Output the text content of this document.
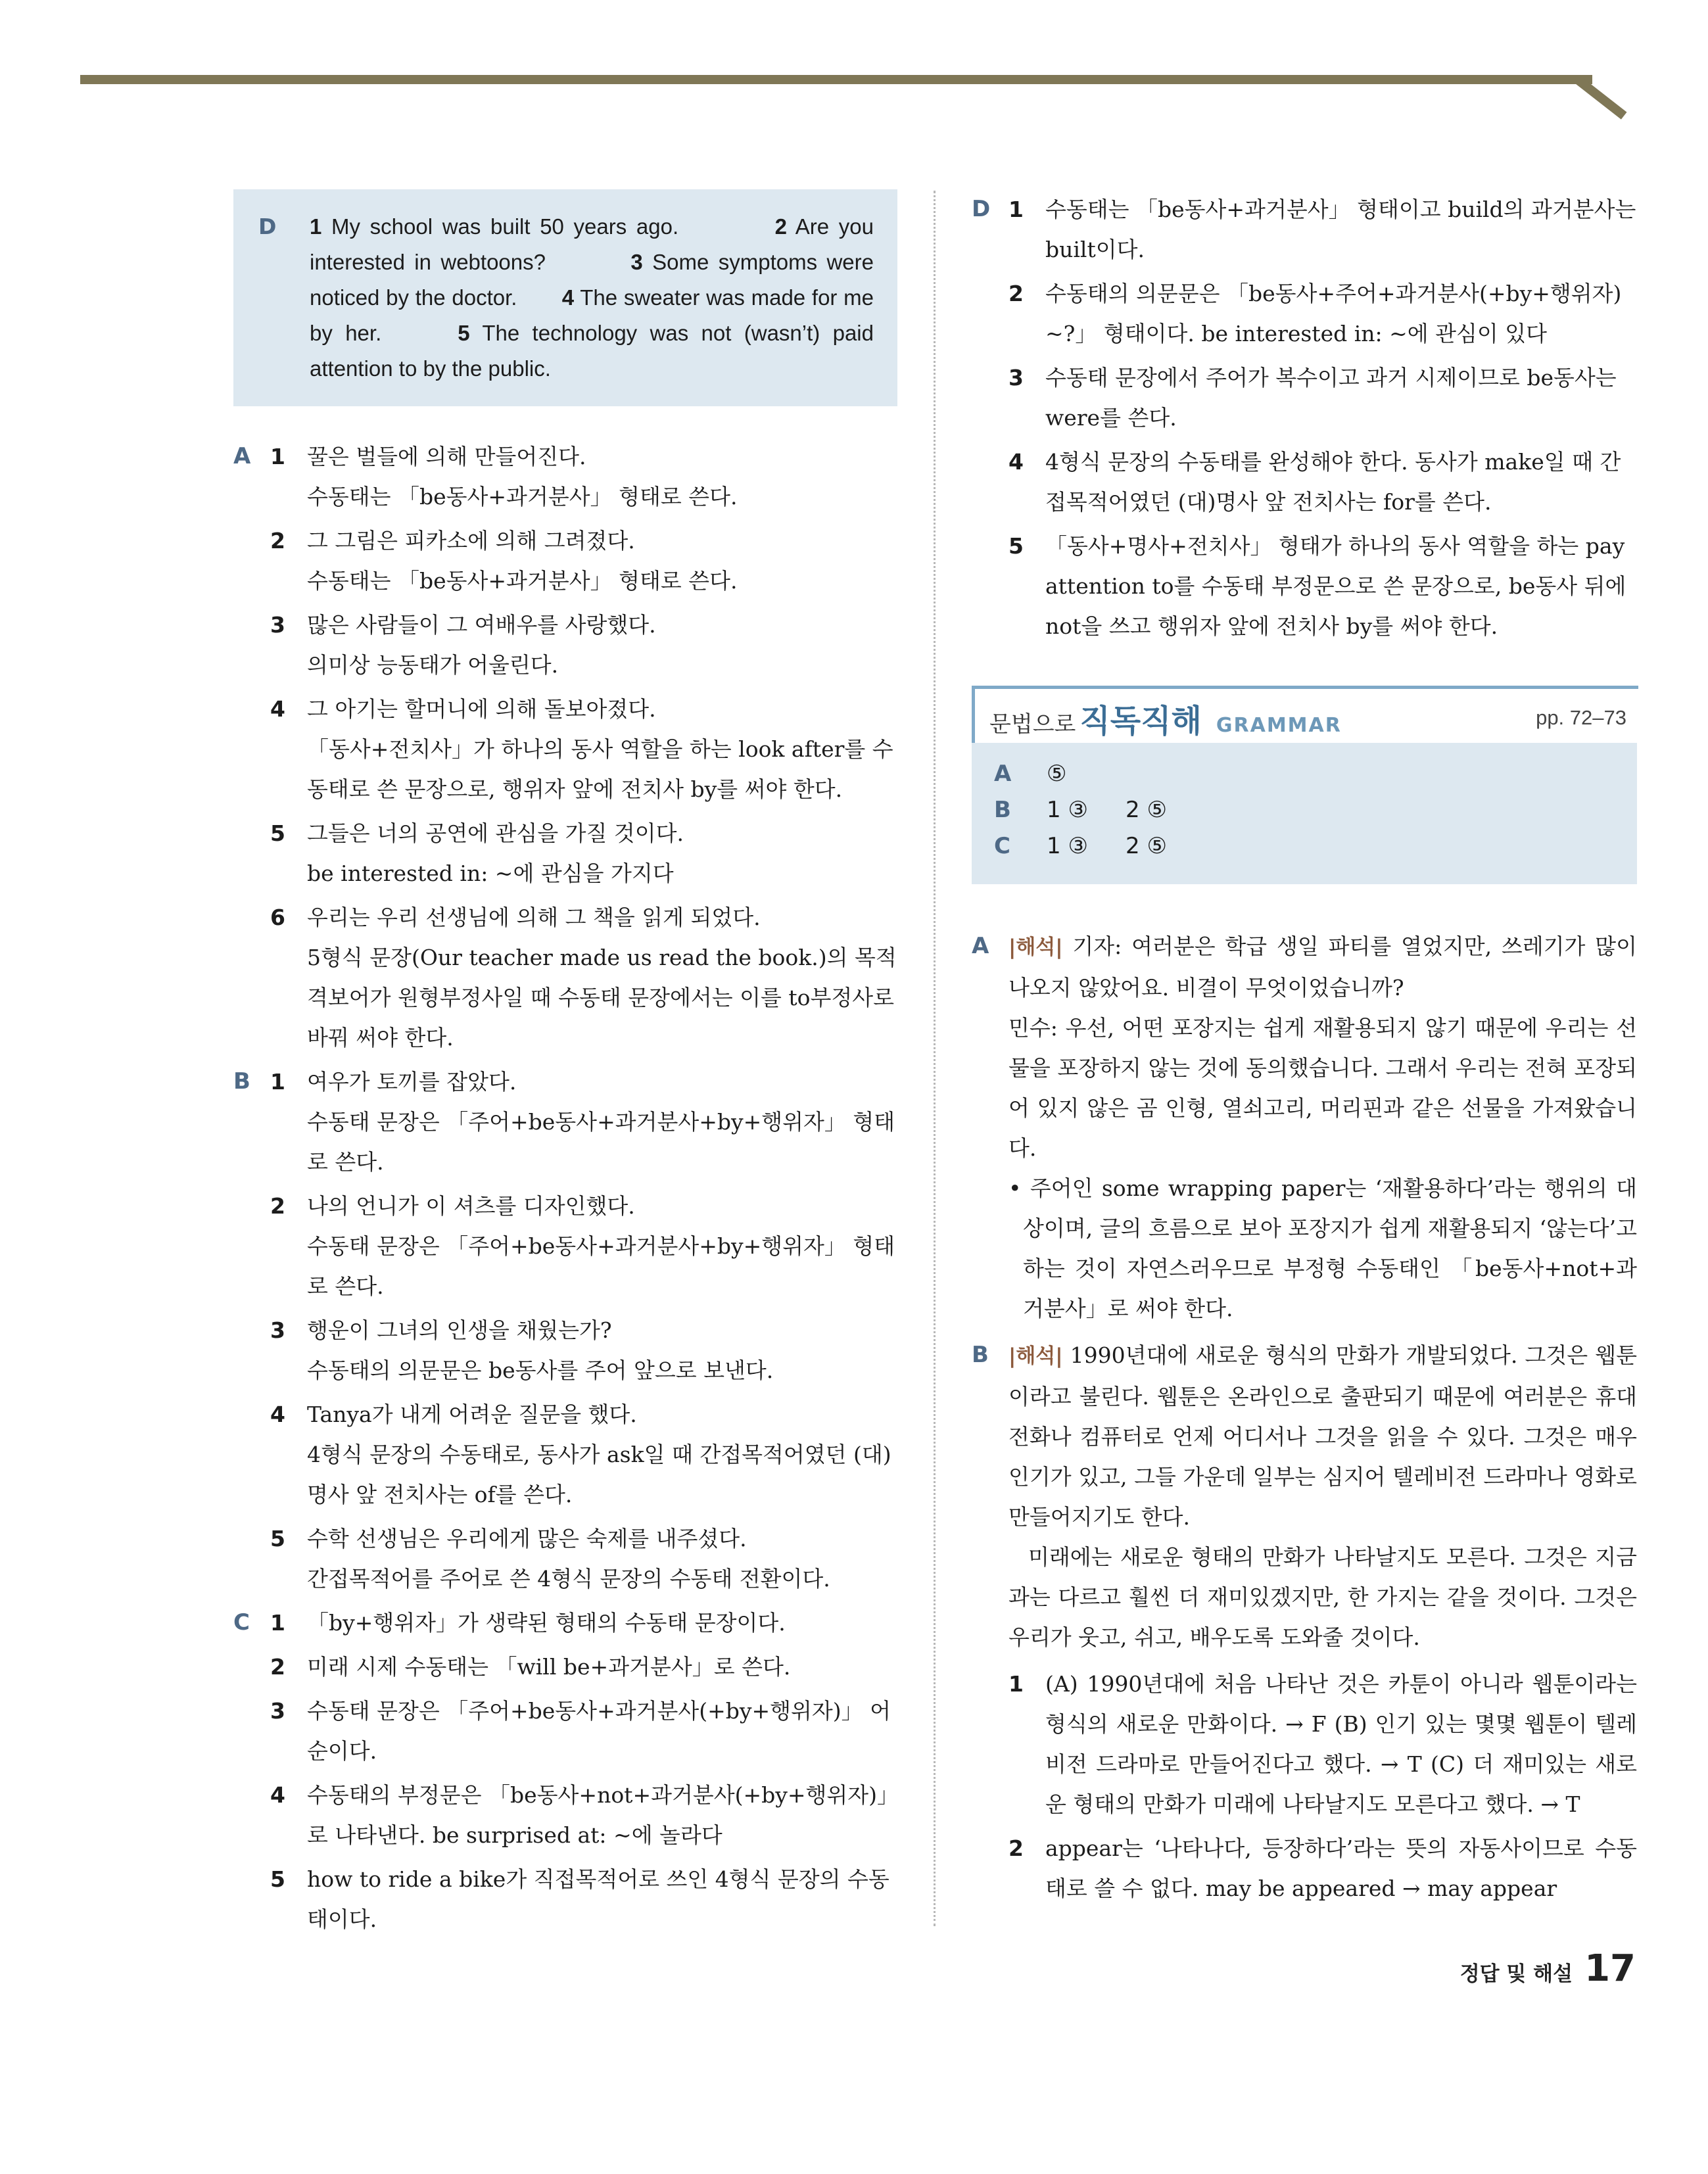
D 1 My school was built 50 years ago.	2 Are you interested in webtoons?	3 Some symptoms were noticed by the doctor. 4 The sweater was made for me by her.	5 The technology was not (wasn’t) paid attention to by the public.
A 1 꿀은 벌들에 의해 만들어진다.

수동태는 「be동사+과거분사」 형태로 쓴다.

2 그 그림은 피카소에 의해 그려졌다.

수동태는 「be동사+과거분사」 형태로 쓴다.

3 많은 사람들이 그 여배우를 사랑했다.

의미상 능동태가 어울린다.

4 그 아기는 할머니에 의해 돌보아졌다.

「동사+전치사」가 하나의 동사 역할을 하는 look after를 수동태로 쓴 문장으로, 행위자 앞에 전치사 by를 써야 한다.

5 그들은 너의 공연에 관심을 가질 것이다.

be interested in: ~에 관심을 가지다

6 우리는 우리 선생님에 의해 그 책을 읽게 되었다.

5형식 문장(Our teacher made us read the book.)의 목적격보어가 원형부정사일 때 수동태 문장에서는 이를 to부정사로 바꿔 써야 한다.

B 1 여우가 토끼를 잡았다.

수동태 문장은 「주어+be동사+과거분사+by+행위자」 형태로 쓴다.

2 나의 언니가 이 셔츠를 디자인했다.

수동태 문장은 「주어+be동사+과거분사+by+행위자」 형태로 쓴다.

3 행운이 그녀의 인생을 채웠는가?

수동태의 의문문은 be동사를 주어 앞으로 보낸다.

4 Tanya가 내게 어려운 질문을 했다.

4형식 문장의 수동태로, 동사가 ask일 때 간접목적어였던 (대)명사 앞 전치사는 of를 쓴다.

5 수학 선생님은 우리에게 많은 숙제를 내주셨다.

간접목적어를 주어로 쓴 4형식 문장의 수동태 전환이다.

C 1 「by+행위자」가 생략된 형태의 수동태 문장이다.

2 미래 시제 수동태는 「will be+과거분사」로 쓴다.

3 수동태 문장은 「주어+be동사+과거분사(+by+행위자)」 어순이다.

4 수동태의 부정문은 「be동사+not+과거분사(+by+행위자)」로 나타낸다. be surprised at: ~에 놀라다

5 how to ride a bike가 직접목적어로 쓰인 4형식 문장의 수동태이다.

D 1 수동태는 「be동사+과거분사」 형태이고 build의 과거분사는 built이다.

2 수동태의 의문문은 「be동사+주어+과거분사(+by+행위자) ~?」 형태이다. be interested in: ~에 관심이 있다

3 수동태 문장에서 주어가 복수이고 과거 시제이므로 be동사는 were를 쓴다.

4 4형식 문장의 수동태를 완성해야 한다. 동사가 make일 때 간접목적어였던 (대)명사 앞 전치사는 for를 쓴다.

5 「동사+명사+전치사」 형태가 하나의 동사 역할을 하는 pay attention to를 수동태 부정문으로 쓴 문장으로, be동사 뒤에 not을 쓰고 행위자 앞에 전치사 by를 써야 한다.

문법으로 직독직해 GRAMMAR	pp. 72–73
A	⑤
B	1 ③	2 ⑤
C	1 ③	2 ⑤
A |해석| 기자: 여러분은 학급 생일 파티를 열었지만, 쓰레기가 많이 나오지 않았어요. 비결이 무엇이었습니까?

민수: 우선, 어떤 포장지는 쉽게 재활용되지 않기 때문에 우리는 선물을 포장하지 않는 것에 동의했습니다. 그래서 우리는 전혀 포장되어 있지 않은 곰 인형, 열쇠고리, 머리핀과 같은 선물을 가져왔습니다.

• 주어인 some wrapping paper는 ‘재활용하다’라는 행위의 대상이며, 글의 흐름으로 보아 포장지가 쉽게 재활용되지 ‘않는다’고 하는 것이 자연스러우므로 부정형 수동태인 「be동사+not+과거분사」로 써야 한다.

B |해석| 1990년대에 새로운 형식의 만화가 개발되었다. 그것은 웹툰이라고 불린다. 웹툰은 온라인으로 출판되기 때문에 여러분은 휴대 전화나 컴퓨터로 언제 어디서나 그것을 읽을 수 있다. 그것은 매우 인기가 있고, 그들 가운데 일부는 심지어 텔레비전 드라마나 영화로 만들어지기도 한다.

미래에는 새로운 형태의 만화가 나타날지도 모른다. 그것은 지금과는 다르고 훨씬 더 재미있겠지만, 한 가지는 같을 것이다. 그것은 우리가 웃고, 쉬고, 배우도록 도와줄 것이다.

1 (A) 1990년대에 처음 나타난 것은 카툰이 아니라 웹툰이라는 형식의 새로운 만화이다. → F (B) 인기 있는 몇몇 웹툰이 텔레비전 드라마로 만들어진다고 했다. → T (C) 더 재미있는 새로운 형태의 만화가 미래에 나타날지도 모른다고 했다. → T

2 appear는 ‘나타나다, 등장하다’라는 뜻의 자동사이므로 수동태로 쓸 수 없다. may be appeared → may appear

정답 및 해설 17
